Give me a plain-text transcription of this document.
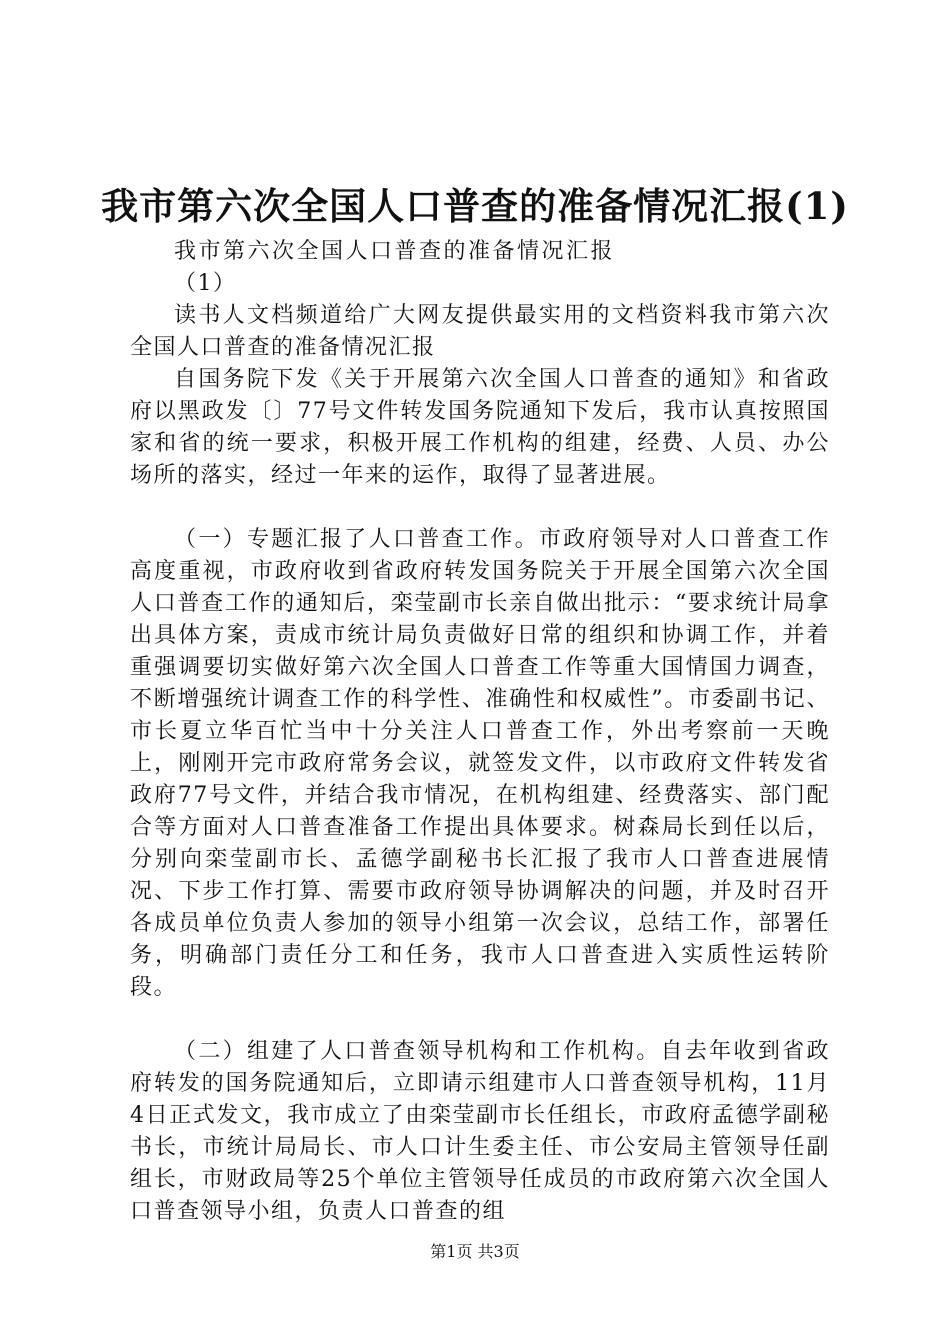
我市第六次全国人口普查的准备情况汇报(1)

我市第六次全国人口普查的准备情况汇报（1）

读书人文档频道给广大网友提供最实用的文档资料我市第六次全国人口普查的准备情况汇报

自国务院下发《关于开展第六次全国人口普查的通知》和省政府以黑政发〔〕77号文件转发国务院通知下发后，我市认真按照国家和省的统一要求，积极开展工作机构的组建，经费、人员、办公场所的落实，经过一年来的运作，取得了显著进展。

（一）专题汇报了人口普查工作。市政府领导对人口普查工作高度重视，市政府收到省政府转发国务院关于开展全国第六次全国人口普查工作的通知后，栾莹副市长亲自做出批示：“要求统计局拿出具体方案，责成市统计局负责做好日常的组织和协调工作，并着重强调要切实做好第六次全国人口普查工作等重大国情国力调查，不断增强统计调查工作的科学性、准确性和权威性”。市委副书记、市长夏立华百忙当中十分关注人口普查工作，外出考察前一天晚上，刚刚开完市政府常务会议，就签发文件，以市政府文件转发省政府77号文件，并结合我市情况，在机构组建、经费落实、部门配合等方面对人口普查准备工作提出具体要求。树森局长到任以后，分别向栾莹副市长、孟德学副秘书长汇报了我市人口普查进展情况、下步工作打算、需要市政府领导协调解决的问题，并及时召开各成员单位负责人参加的领导小组第一次会议，总结工作，部署任务，明确部门责任分工和任务，我市人口普查进入实质性运转阶段。

（二）组建了人口普查领导机构和工作机构。自去年收到省政府转发的国务院通知后，立即请示组建市人口普查领导机构，11月4日正式发文，我市成立了由栾莹副市长任组长，市政府孟德学副秘书长，市统计局局长、市人口计生委主任、市公安局主管领导任副组长，市财政局等25个单位主管领导任成员的市政府第六次全国人口普查领导小组，负责人口普查的组

第1页 共3页
